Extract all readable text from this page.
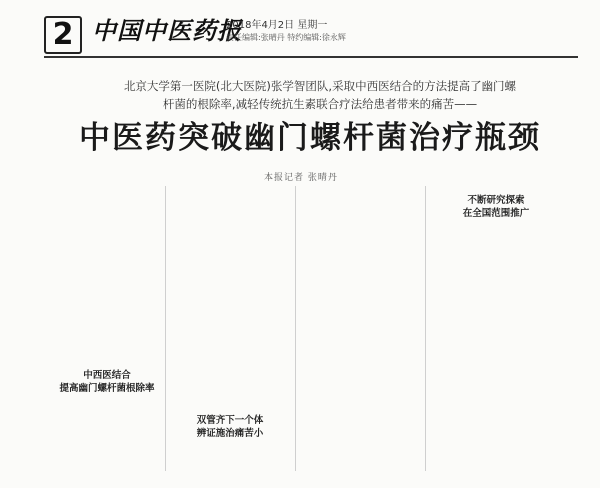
2 中国中医药报
2018年4月2日 星期一
责任编辑:张晴丹 特约编辑:徐永辉
北京大学第一医院(北大医院)张学智团队,采取中西医结合的方法提高了幽门螺
杆菌的根除率,减轻传统抗生素联合疗法给患者带来的痛苦——
中医药突破幽门螺杆菌治疗瓶颈
本报记者 张晴丹
中西医结合
提高幽门螺杆菌根除率
双管齐下一个体
辨证施治痛苦小
不断研究探索
在全国范围推广
